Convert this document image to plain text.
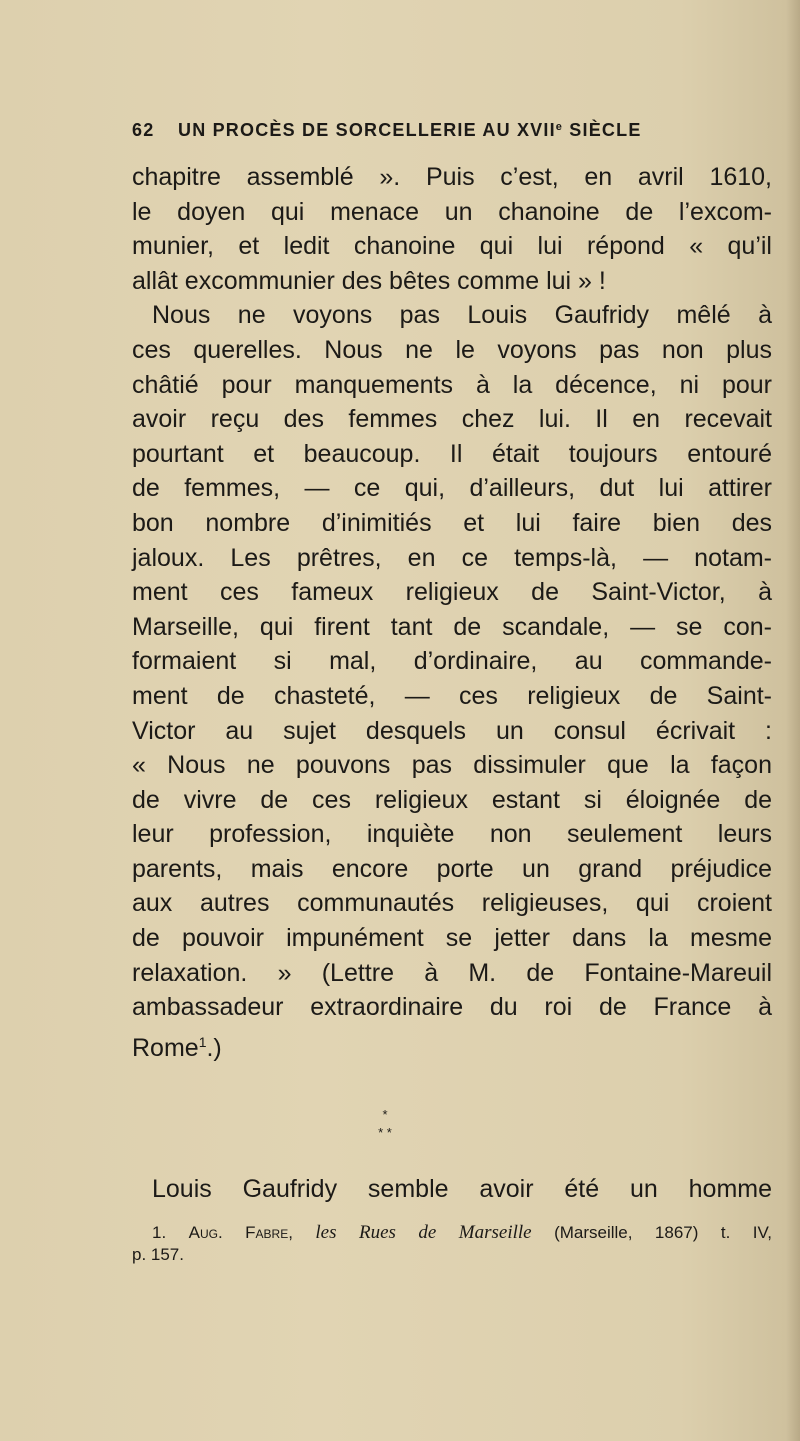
62 UN PROCÈS DE SORCELLERIE AU XVIIe SIÈCLE
chapitre assemblé ». Puis c’est, en avril 1610,
le doyen qui menace un chanoine de l’excom-
munier, et ledit chanoine qui lui répond « qu’il
allât excommunier des bêtes comme lui » !
Nous ne voyons pas Louis Gaufridy mêlé à
ces querelles. Nous ne le voyons pas non plus
châtié pour manquements à la décence, ni pour
avoir reçu des femmes chez lui. Il en recevait
pourtant et beaucoup. Il était toujours entouré
de femmes, — ce qui, d’ailleurs, dut lui attirer
bon nombre d’inimitiés et lui faire bien des
jaloux. Les prêtres, en ce temps-là, — notam-
ment ces fameux religieux de Saint-Victor, à
Marseille, qui firent tant de scandale, — se con-
formaient si mal, d’ordinaire, au commande-
ment de chasteté, — ces religieux de Saint-
Victor au sujet desquels un consul écrivait :
« Nous ne pouvons pas dissimuler que la façon
de vivre de ces religieux estant si éloignée de
leur profession, inquiète non seulement leurs
parents, mais encore porte un grand préjudice
aux autres communautés religieuses, qui croient
de pouvoir impunément se jetter dans la mesme
relaxation. » (Lettre à M. de Fontaine-Mareuil
ambassadeur extraordinaire du roi de France à
Rome$^1$.)
*
* *
Louis Gaufridy semble avoir été un homme
1. Aug. Fabre, les Rues de Marseille (Marseille, 1867) t. IV,
p. 157.
